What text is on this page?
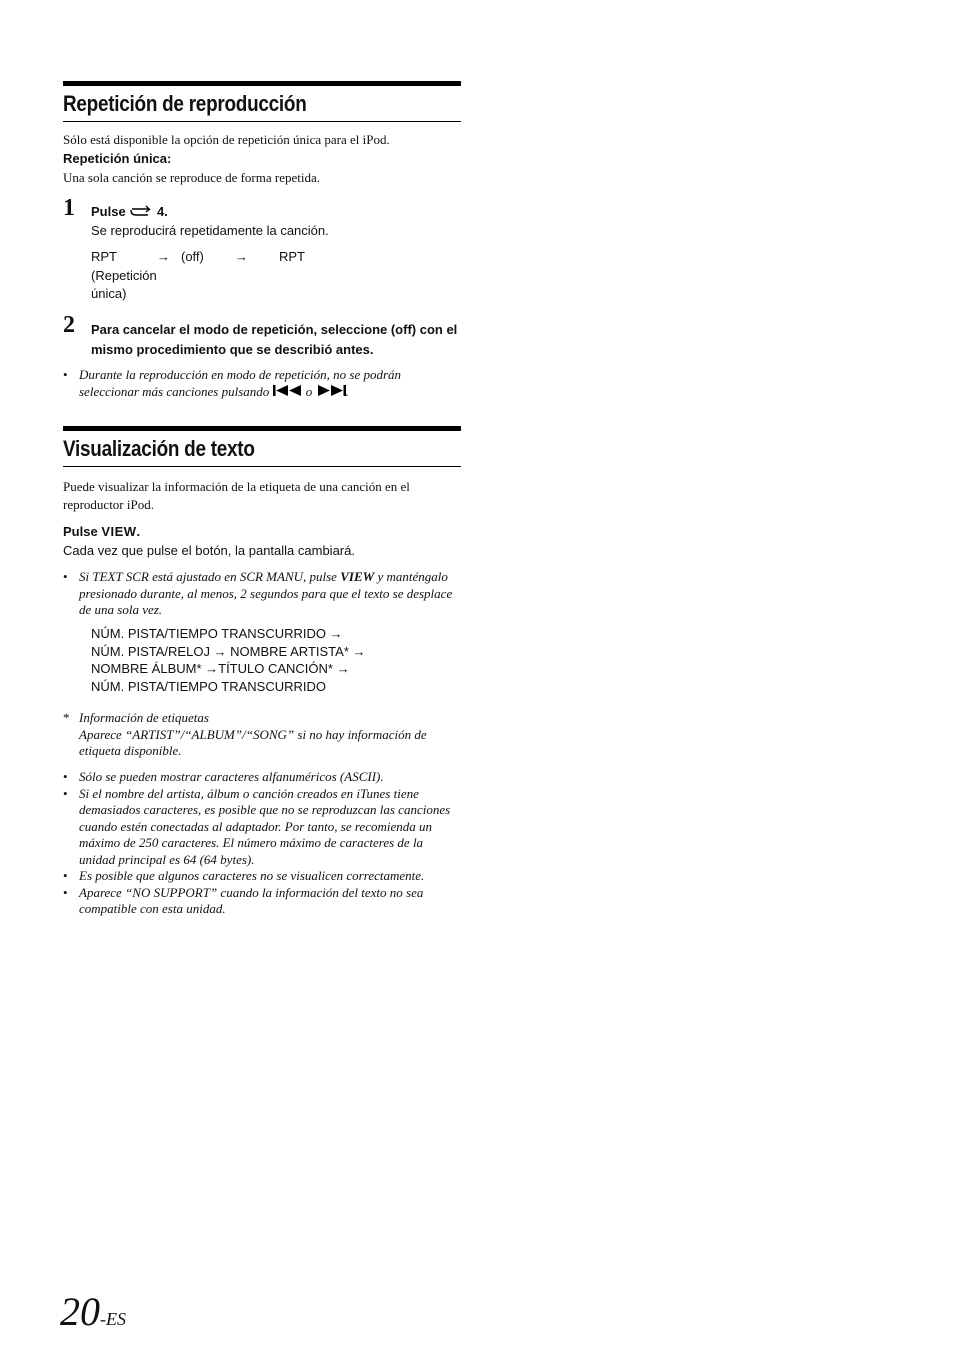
Repetición de reproducción
Sólo está disponible la opción de repetición única para el iPod.
Repetición única:
Una sola canción se reproduce de forma repetida.
1 Pulse 4.
Se reproducirá repetidamente la canción.
RPT	→ (off) → RPT
(Repetición
única)
2 Para cancelar el modo de repetición, seleccione (off) con el mismo procedimiento que se describió antes.
• Durante la reproducción en modo de repetición, no se podrán seleccionar más canciones pulsando	o	.
Visualización de texto
Puede visualizar la información de la etiqueta de una canción en el reproductor iPod.
Pulse VIEW.
Cada vez que pulse el botón, la pantalla cambiará.
• Si TEXT SCR está ajustado en SCR MANU, pulse VIEW y manténgalo presionado durante, al menos, 2 segundos para que el texto se desplace de una sola vez.
NÚM. PISTA/TIEMPO TRANSCURRIDO →
NÚM. PISTA/RELOJ → NOMBRE ARTISTA* →
NOMBRE ÁLBUM* →TÍTULO CANCIÓN* →
NÚM. PISTA/TIEMPO TRANSCURRIDO
* Información de etiquetas
Aparece “ARTIST”/“ALBUM”/“SONG” si no hay información de etiqueta disponible.
• Sólo se pueden mostrar caracteres alfanuméricos (ASCII).
• Si el nombre del artista, álbum o canción creados en iTunes tiene demasiados caracteres, es posible que no se reproduzcan las canciones cuando estén conectadas al adaptador. Por tanto, se recomienda un máximo de 250 caracteres. El número máximo de caracteres de la unidad principal es 64 (64 bytes).
• Es posible que algunos caracteres no se visualicen correctamente.
• Aparece “NO SUPPORT” cuando la información del texto no sea compatible con esta unidad.
20-ES
